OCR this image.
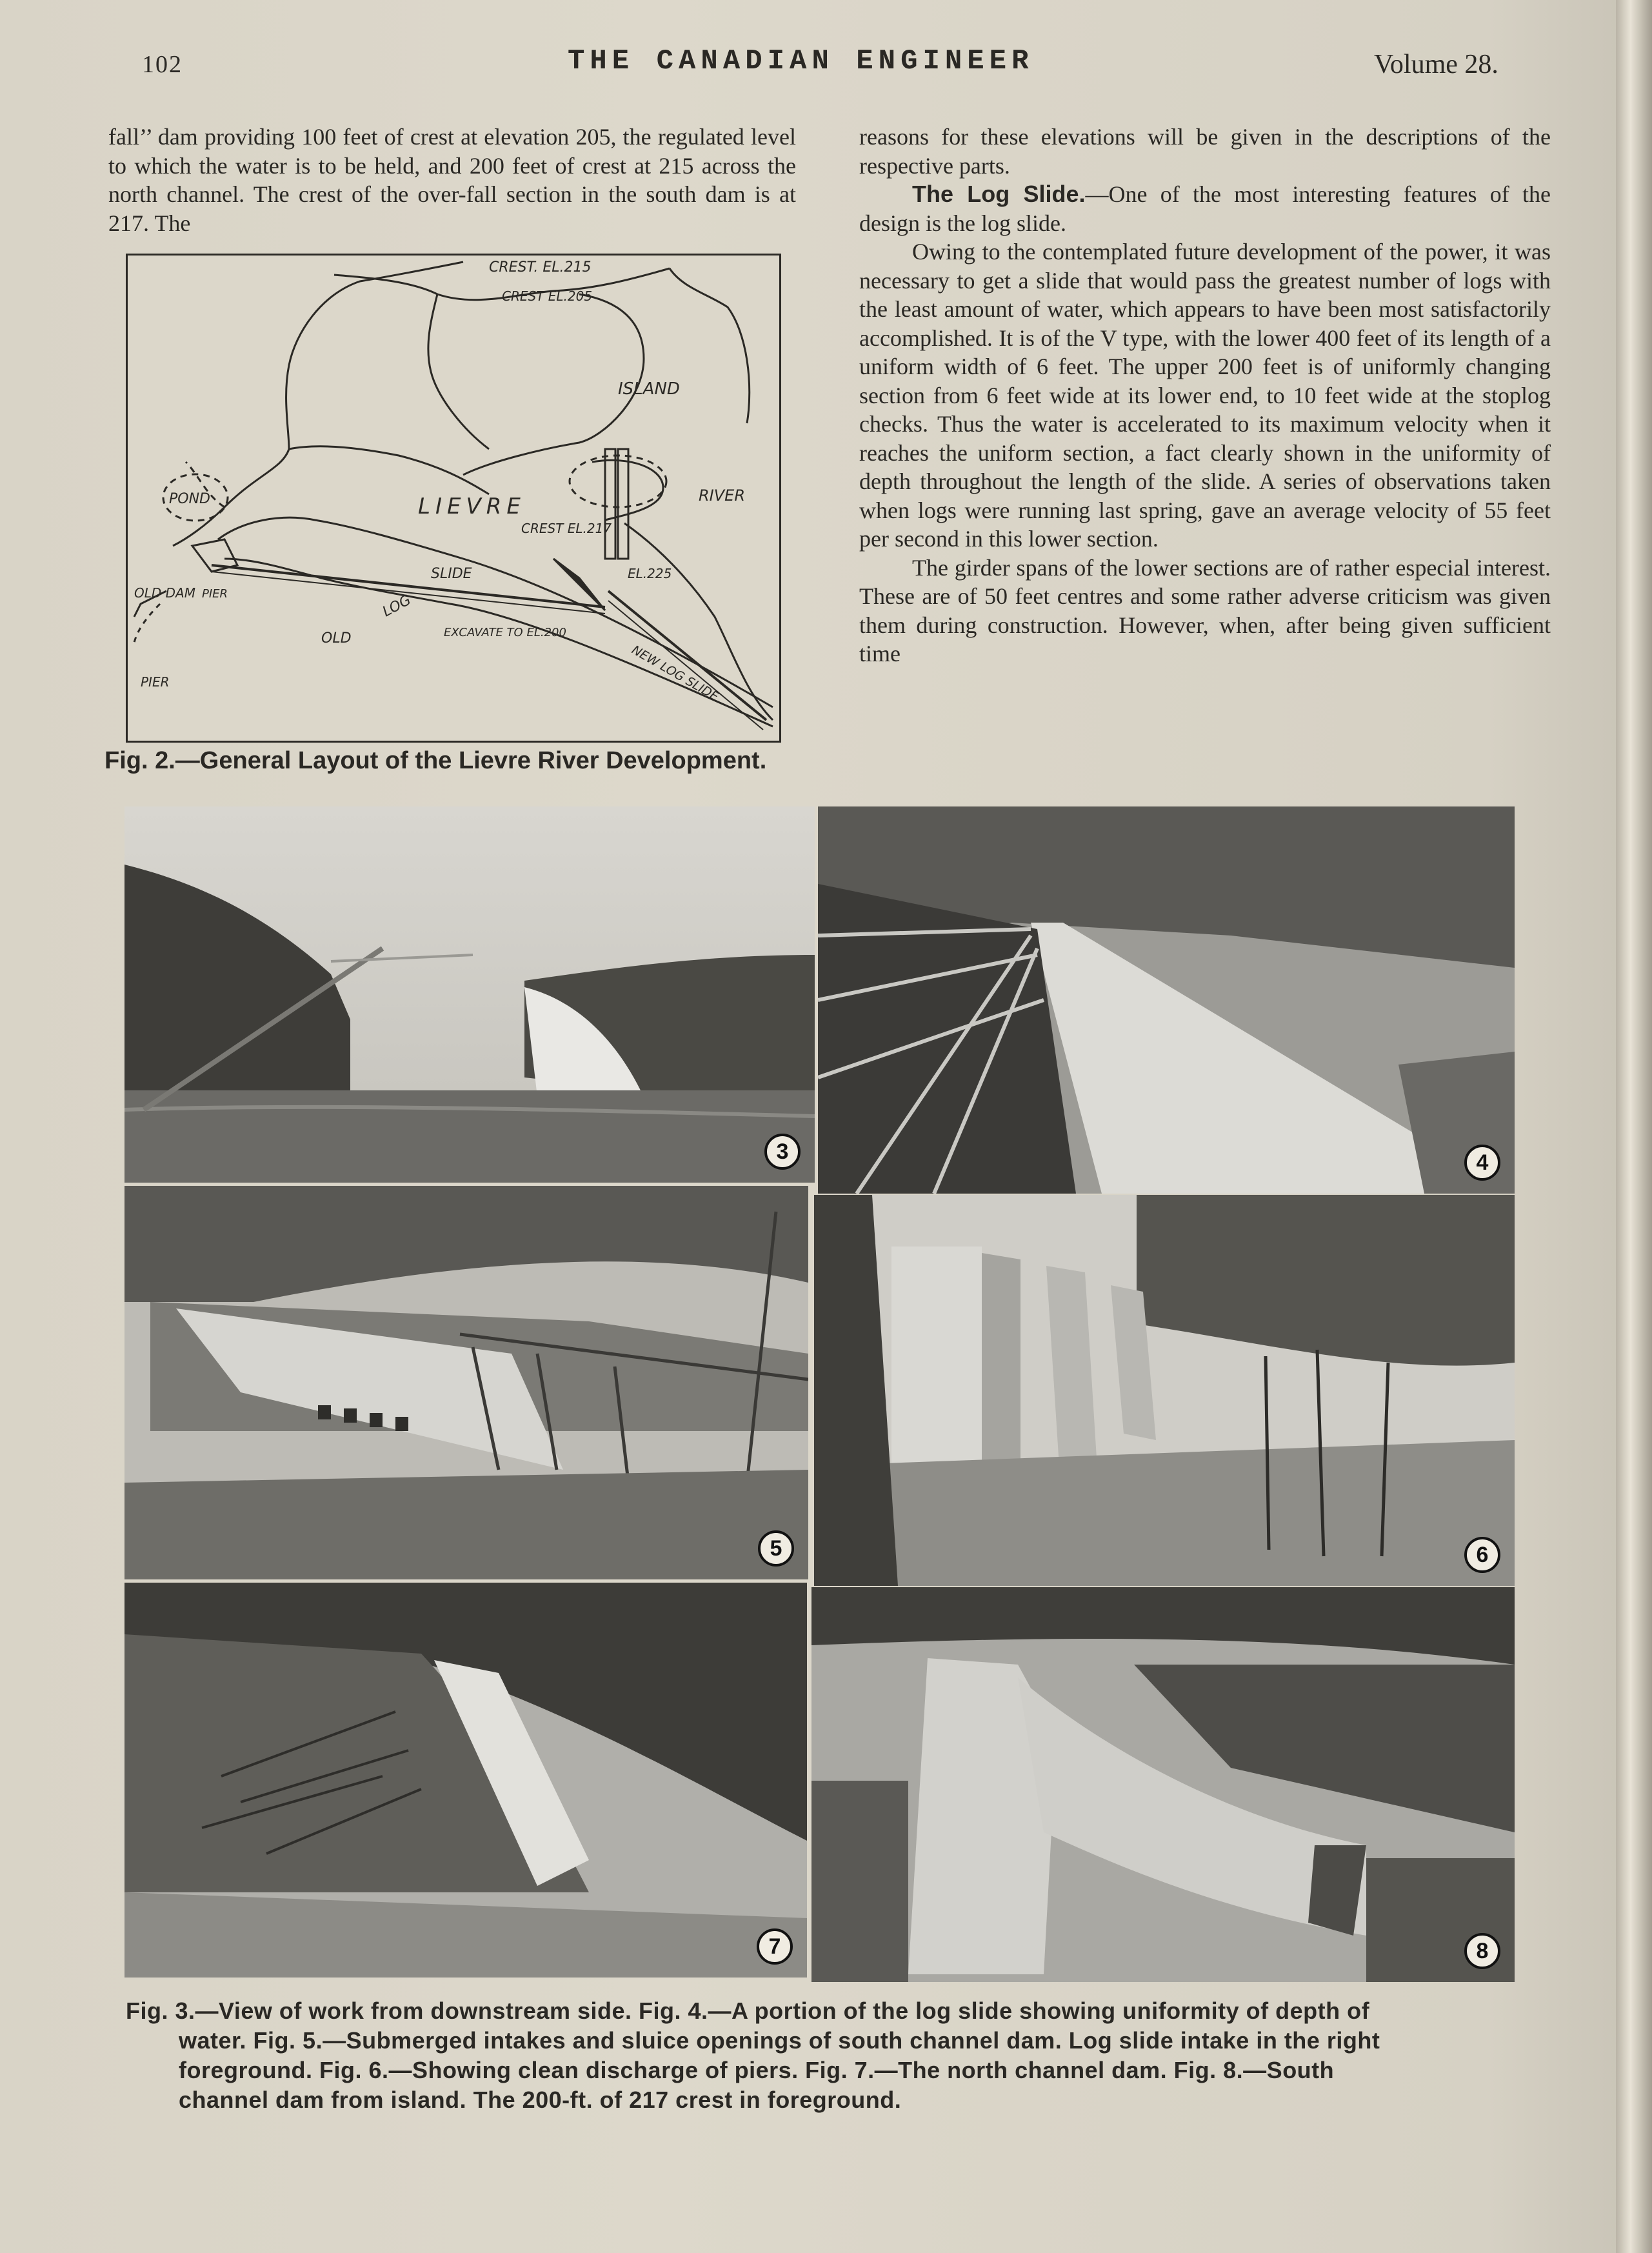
102	THE CANADIAN ENGINEER	Volume 28.

fall’’ dam providing 100 feet of crest at elevation 205, the regulated level to which the water is to be held, and 200 feet of crest at 215 across the north channel. The crest of the over-fall section in the south dam is at 217. The

CREST. EL.215
CREST EL.205
ISLAND
RIVER
LIEVRE
POND
CREST EL.217
EL.225
SLIDE
LOG
OLD
OLD DAM PIER
PIER
EXCAVATE TO EL.200
NEW LOG SLIDE
Fig. 2.—General Layout of the Lievre River Development.

reasons for these elevations will be given in the descriptions of the respective parts.

The Log Slide.—One of the most interesting features of the design is the log slide.

Owing to the contemplated future development of the power, it was necessary to get a slide that would pass the greatest number of logs with the least amount of water, which appears to have been most satisfactorily accomplished. It is of the V type, with the lower 400 feet of its length of a uniform width of 6 feet. The upper 200 feet is of uniformly changing section from 6 feet wide at its lower end, to 10 feet wide at the stoplog checks. Thus the water is accelerated to its maximum velocity when it reaches the uniform section, a fact clearly shown in the uniformity of depth throughout the length of the slide. A series of observations taken when logs were running last spring, gave an average velocity of 55 feet per second in this lower section.

The girder spans of the lower sections are of rather especial interest. These are of 50 feet centres and some rather adverse criticism was given them during construction. However, when, after being given sufficient time

3	4
5	6
7	8
Fig. 3.—View of work from downstream side. Fig. 4.—A portion of the log slide showing uniformity of depth of
water. Fig. 5.—Submerged intakes and sluice openings of south channel dam. Log slide intake in the right
foreground. Fig. 6.—Showing clean discharge of piers. Fig. 7.—The north channel dam. Fig. 8.—South
channel dam from island. The 200-ft. of 217 crest in foreground.
